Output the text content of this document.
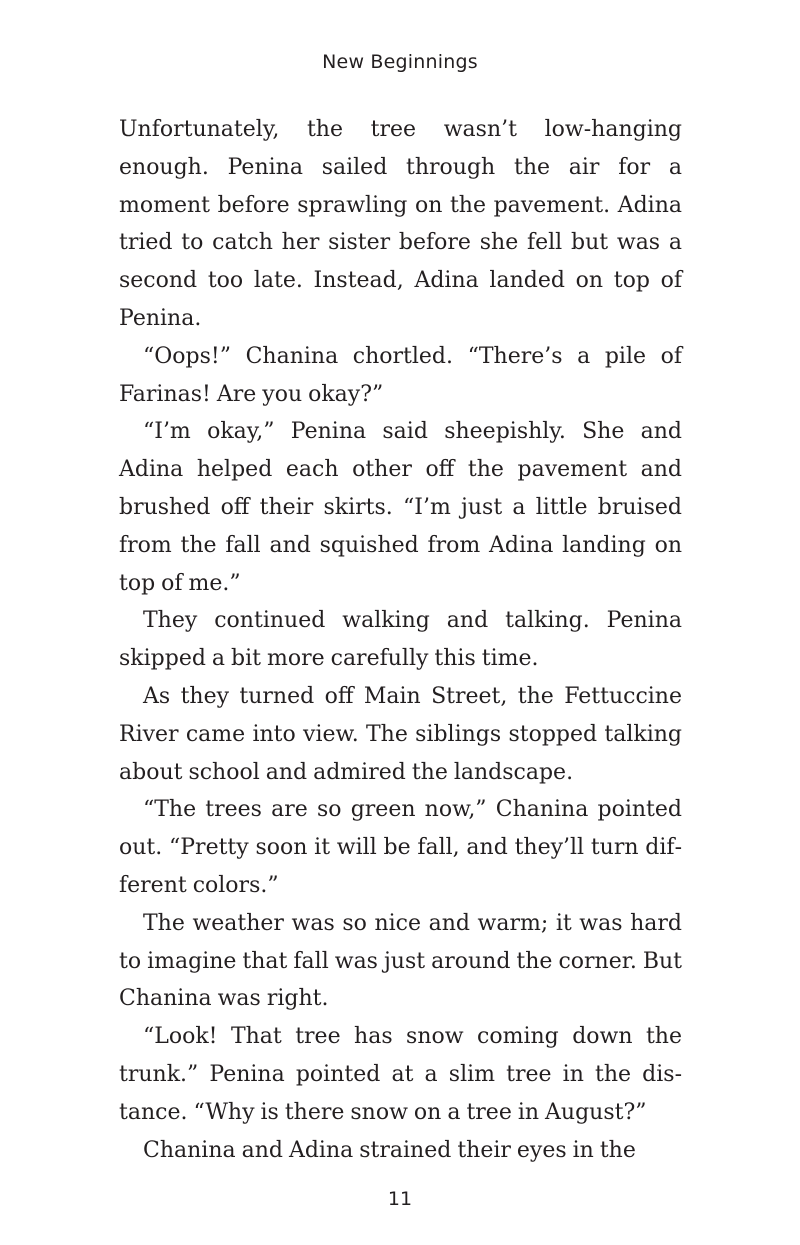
New Beginnings

Unfortunately, the tree wasn’t low-hanging enough. Penina sailed through the air for a moment before sprawling on the pavement. Adina tried to catch her sister before she fell but was a second too late. Instead, Adina landed on top of Penina.

“Oops!” Chanina chortled. “There’s a pile of Farinas! Are you okay?”

“I’m okay,” Penina said sheepishly. She and Adina helped each other off the pavement and brushed off their skirts. “I’m just a little bruised from the fall and squished from Adina landing on top of me.”

They continued walking and talking. Penina skipped a bit more carefully this time.

As they turned off Main Street, the Fettuccine River came into view. The siblings stopped talking about school and admired the landscape.

“The trees are so green now,” Chanina pointed out. “Pretty soon it will be fall, and they’ll turn different colors.”

The weather was so nice and warm; it was hard to imagine that fall was just around the corner. But Chanina was right.

“Look! That tree has snow coming down the trunk.” Penina pointed at a slim tree in the distance. “Why is there snow on a tree in August?”

Chanina and Adina strained their eyes in the

11
